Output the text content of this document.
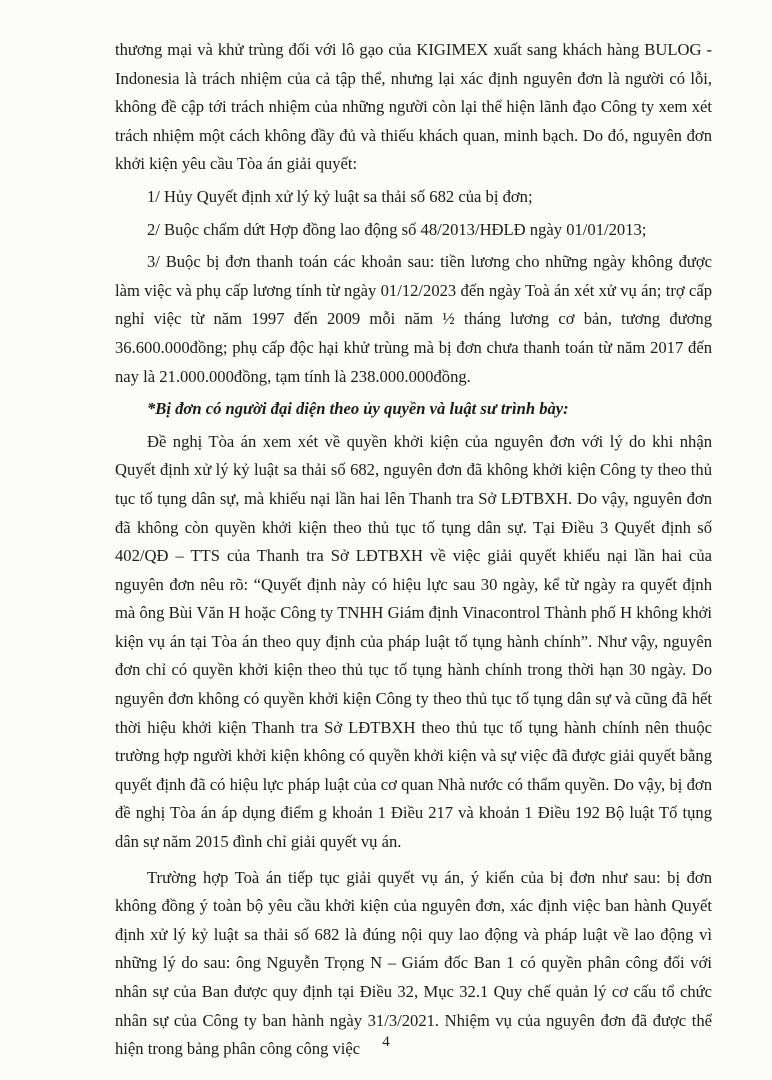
thương mại và khử trùng đối với lô gạo của KIGIMEX xuất sang khách hàng BULOG - Indonesia là trách nhiệm của cả tập thể, nhưng lại xác định nguyên đơn là người có lỗi, không đề cập tới trách nhiệm của những người còn lại thể hiện lãnh đạo Công ty xem xét trách nhiệm một cách không đầy đủ và thiếu khách quan, minh bạch. Do đó, nguyên đơn khởi kiện yêu cầu Tòa án giải quyết:

1/ Hủy Quyết định xử lý kỷ luật sa thải số 682 của bị đơn;

2/ Buộc chấm dứt Hợp đồng lao động số 48/2013/HĐLĐ ngày 01/01/2013;

3/ Buộc bị đơn thanh toán các khoản sau: tiền lương cho những ngày không được làm việc và phụ cấp lương tính từ ngày 01/12/2023 đến ngày Toà án xét xử vụ án; trợ cấp nghỉ việc từ năm 1997 đến 2009 mỗi năm ½ tháng lương cơ bản, tương đương 36.600.000đồng; phụ cấp độc hại khử trùng mà bị đơn chưa thanh toán từ năm 2017 đến nay là 21.000.000đồng, tạm tính là 238.000.000đồng.

*Bị đơn có người đại diện theo ủy quyền và luật sư trình bày:

Đề nghị Tòa án xem xét về quyền khởi kiện của nguyên đơn với lý do khi nhận Quyết định xử lý kỷ luật sa thải số 682, nguyên đơn đã không khởi kiện Công ty theo thủ tục tố tụng dân sự, mà khiếu nại lần hai lên Thanh tra Sở LĐTBXH. Do vậy, nguyên đơn đã không còn quyền khởi kiện theo thủ tục tố tụng dân sự. Tại Điều 3 Quyết định số 402/QĐ – TTS của Thanh tra Sở LĐTBXH về việc giải quyết khiếu nại lần hai của nguyên đơn nêu rõ: “Quyết định này có hiệu lực sau 30 ngày, kể từ ngày ra quyết định mà ông Bùi Văn H hoặc Công ty TNHH Giám định Vinacontrol Thành phố H không khởi kiện vụ án tại Tòa án theo quy định của pháp luật tố tụng hành chính”. Như vậy, nguyên đơn chỉ có quyền khởi kiện theo thủ tục tố tụng hành chính trong thời hạn 30 ngày. Do nguyên đơn không có quyền khởi kiện Công ty theo thủ tục tố tụng dân sự và cũng đã hết thời hiệu khởi kiện Thanh tra Sở LĐTBXH theo thủ tục tố tụng hành chính nên thuộc trường hợp người khởi kiện không có quyền khởi kiện và sự việc đã được giải quyết bằng quyết định đã có hiệu lực pháp luật của cơ quan Nhà nước có thẩm quyền. Do vậy, bị đơn đề nghị Tòa án áp dụng điểm g khoản 1 Điều 217 và khoản 1 Điều 192 Bộ luật Tố tụng dân sự năm 2015 đình chỉ giải quyết vụ án.

Trường hợp Toà án tiếp tục giải quyết vụ án, ý kiến của bị đơn như sau: bị đơn không đồng ý toàn bộ yêu cầu khởi kiện của nguyên đơn, xác định việc ban hành Quyết định xử lý kỷ luật sa thải số 682 là đúng nội quy lao động và pháp luật về lao động vì những lý do sau: ông Nguyễn Trọng N – Giám đốc Ban 1 có quyền phân công đối với nhân sự của Ban được quy định tại Điều 32, Mục 32.1 Quy chế quản lý cơ cấu tổ chức nhân sự của Công ty ban hành ngày 31/3/2021. Nhiệm vụ của nguyên đơn đã được thể hiện trong bảng phân công công việc	4
